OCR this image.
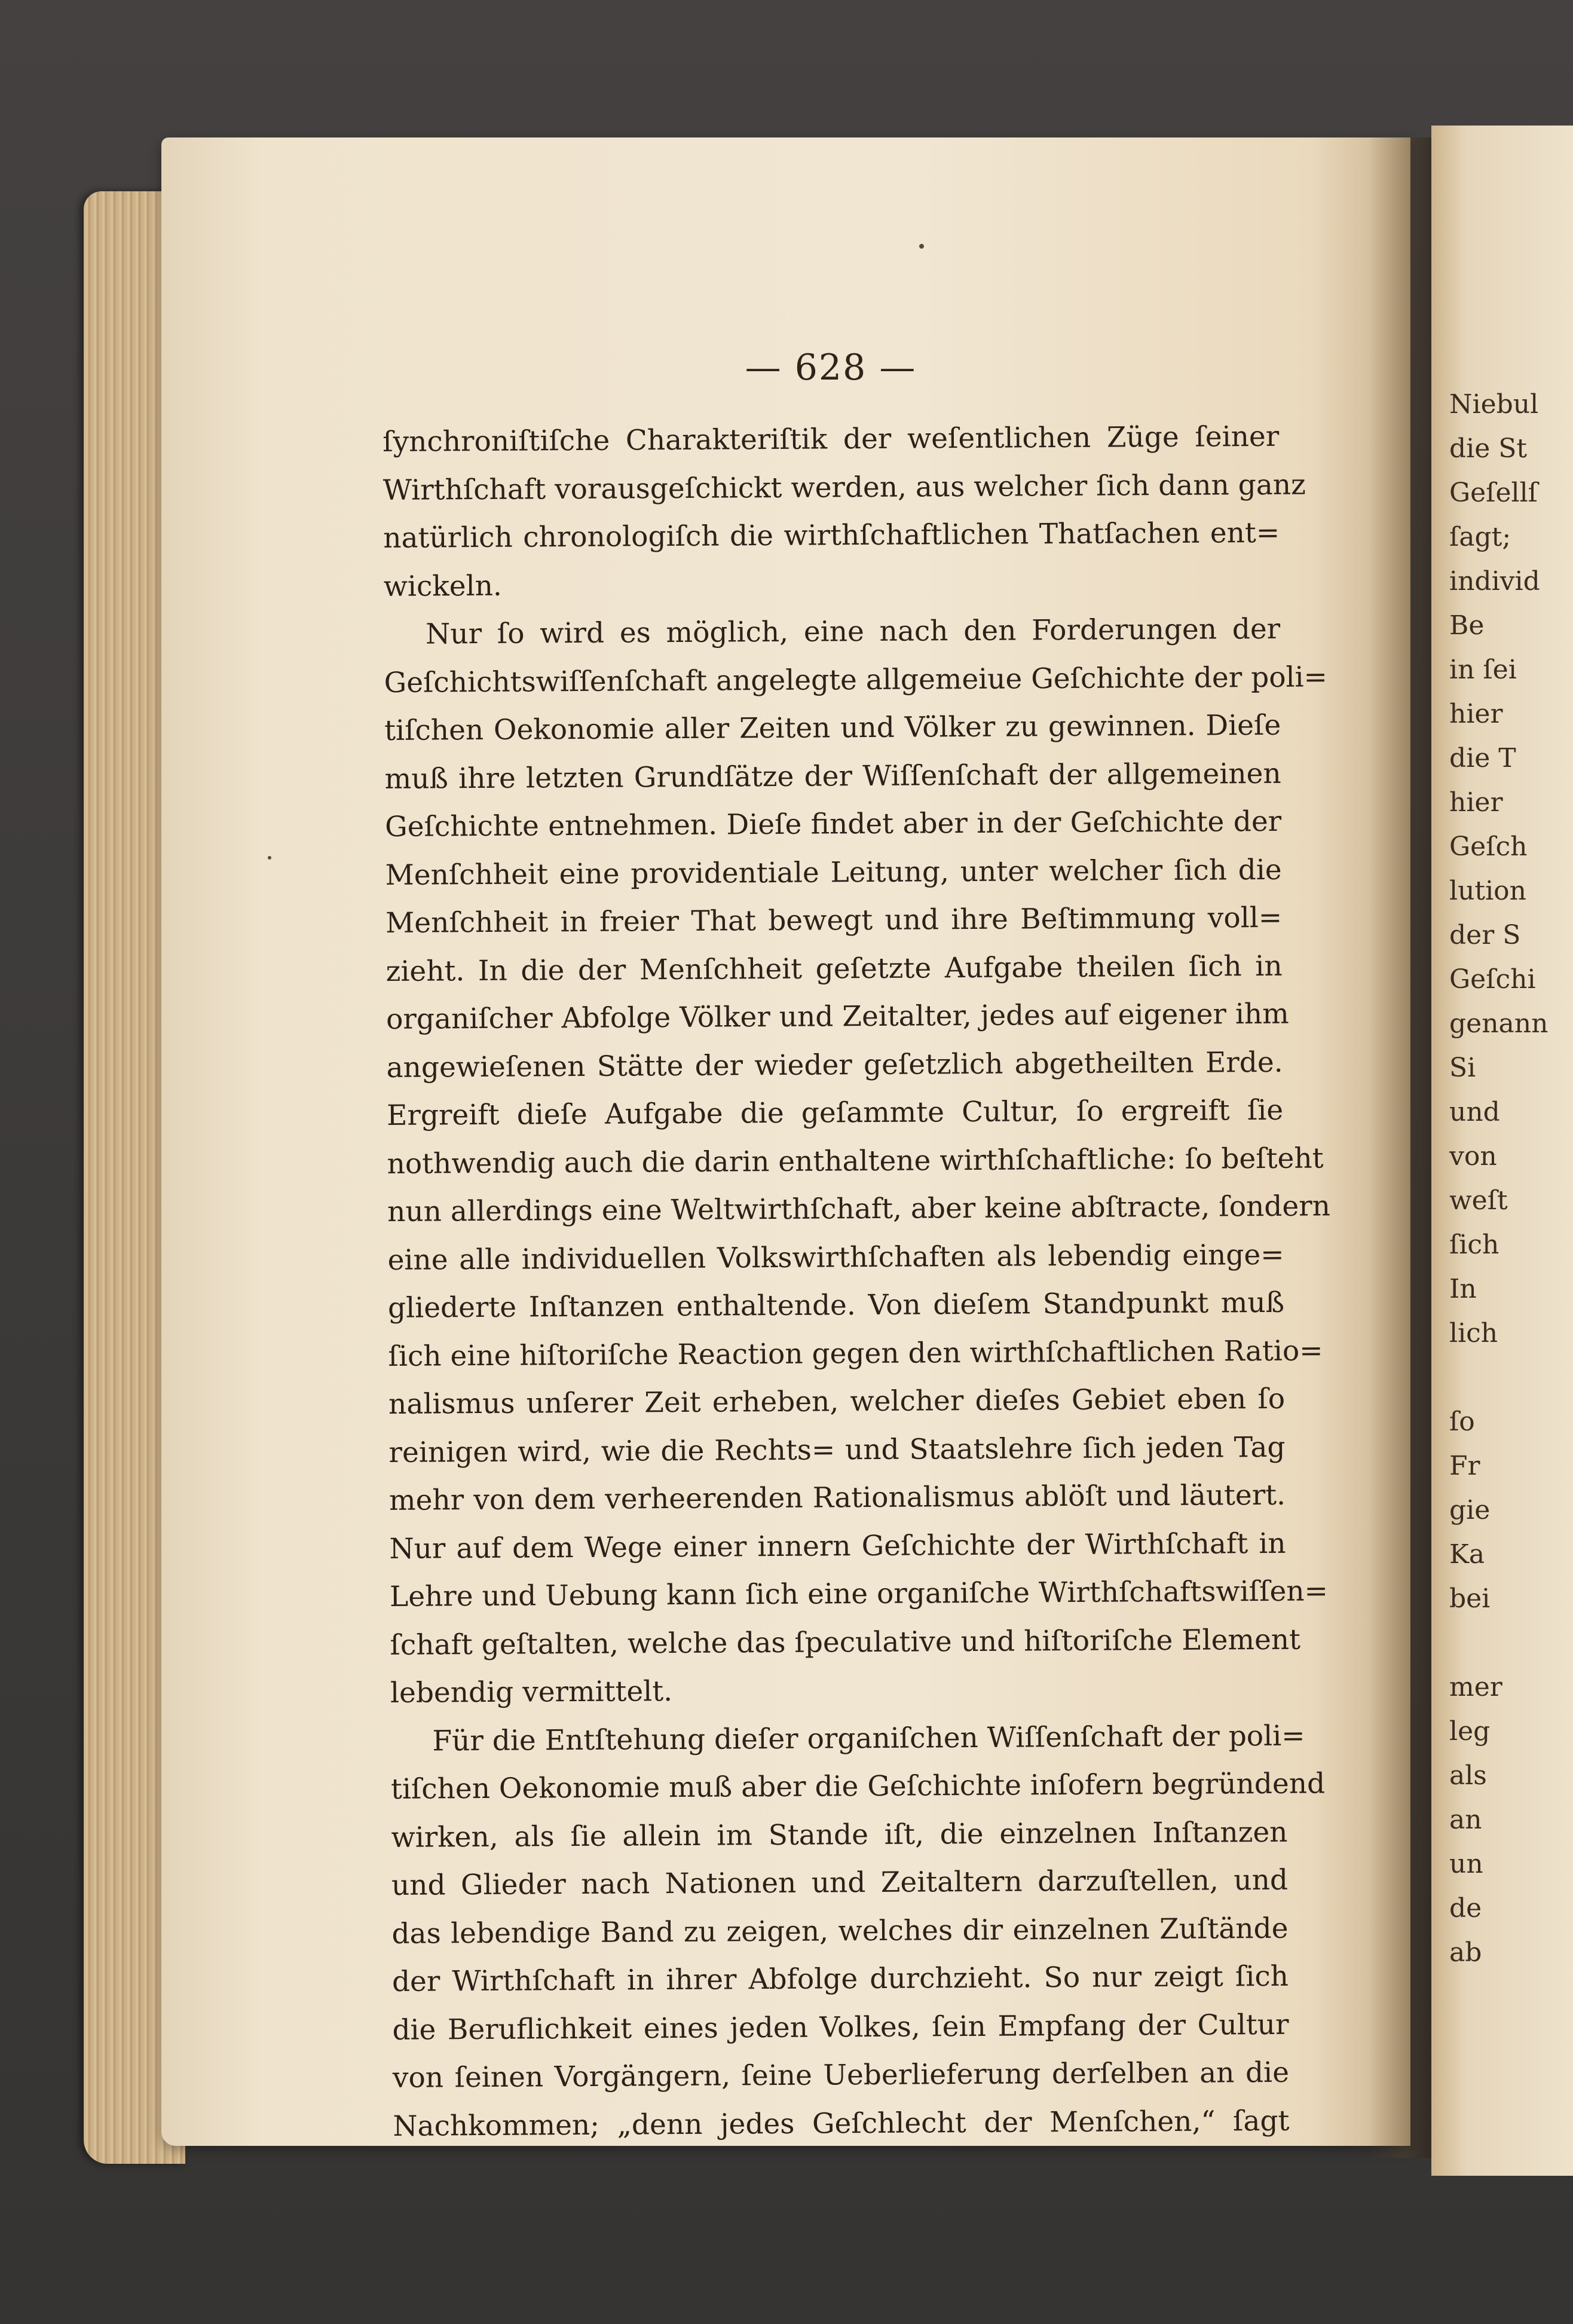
Niebul
die St
Geſellſ
ſagt;
individ
Be
in ſei
hier
die T
hier
Geſch
lution
der S
Geſchi
genann
Si
und
von
weſt
ſich
In
lich
ſo
Fr
gie
Ka
bei
mer
leg
als
an
un
de
ab
— 628 —
ſynchroniſtiſche Charakteriſtik der weſentlichen Züge ſeiner
Wirthſchaft vorausgeſchickt werden, aus welcher ſich dann ganz
natürlich chronologiſch die wirthſchaftlichen Thatſachen ent=
wickeln.
Nur ſo wird es möglich, eine nach den Forderungen der
Geſchichtswiſſenſchaft angelegte allgemeiue Geſchichte der poli=
tiſchen Oekonomie aller Zeiten und Völker zu gewinnen. Dieſe
muß ihre letzten Grundſätze der Wiſſenſchaft der allgemeinen
Geſchichte entnehmen. Dieſe findet aber in der Geſchichte der
Menſchheit eine providentiale Leitung, unter welcher ſich die
Menſchheit in freier That bewegt und ihre Beſtimmung voll=
zieht. In die der Menſchheit geſetzte Aufgabe theilen ſich in
organiſcher Abfolge Völker und Zeitalter, jedes auf eigener ihm
angewieſenen Stätte der wieder geſetzlich abgetheilten Erde.
Ergreift dieſe Aufgabe die geſammte Cultur, ſo ergreift ſie
nothwendig auch die darin enthaltene wirthſchaftliche: ſo beſteht
nun allerdings eine Weltwirthſchaft, aber keine abſtracte, ſondern
eine alle individuellen Volkswirthſchaften als lebendig einge=
gliederte Inſtanzen enthaltende. Von dieſem Standpunkt muß
ſich eine hiſtoriſche Reaction gegen den wirthſchaftlichen Ratio=
nalismus unſerer Zeit erheben, welcher dieſes Gebiet eben ſo
reinigen wird, wie die Rechts= und Staatslehre ſich jeden Tag
mehr von dem verheerenden Rationalismus ablöſt und läutert.
Nur auf dem Wege einer innern Geſchichte der Wirthſchaft in
Lehre und Uebung kann ſich eine organiſche Wirthſchaftswiſſen=
ſchaft geſtalten, welche das ſpeculative und hiſtoriſche Element
lebendig vermittelt.
Für die Entſtehung dieſer organiſchen Wiſſenſchaft der poli=
tiſchen Oekonomie muß aber die Geſchichte inſofern begründend
wirken, als ſie allein im Stande iſt, die einzelnen Inſtanzen
und Glieder nach Nationen und Zeitaltern darzuſtellen, und
das lebendige Band zu zeigen, welches dir einzelnen Zuſtände
der Wirthſchaft in ihrer Abfolge durchzieht. So nur zeigt ſich
die Beruflichkeit eines jeden Volkes, ſein Empfang der Cultur
von ſeinen Vorgängern, ſeine Ueberlieferung derſelben an die
Nachkommen; „denn jedes Geſchlecht der Menſchen,“ ſagt
